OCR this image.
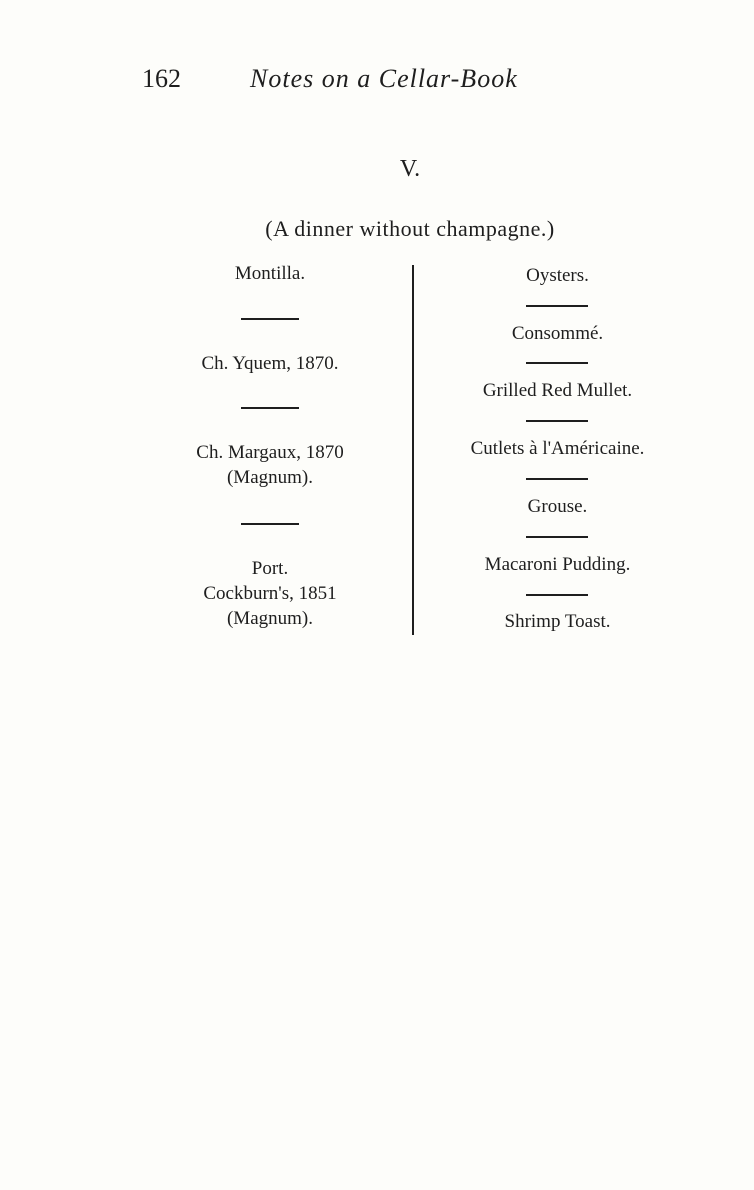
162	Notes on a Cellar-Book
V.
(A dinner without champagne.)
Montilla.
Ch. Yquem, 1870.
Ch. Margaux, 1870
(Magnum).
Port.
Cockburn's, 1851
(Magnum).
Oysters.
Consommé.
Grilled Red Mullet.
Cutlets à l'Américaine.
Grouse.
Macaroni Pudding.
Shrimp Toast.
